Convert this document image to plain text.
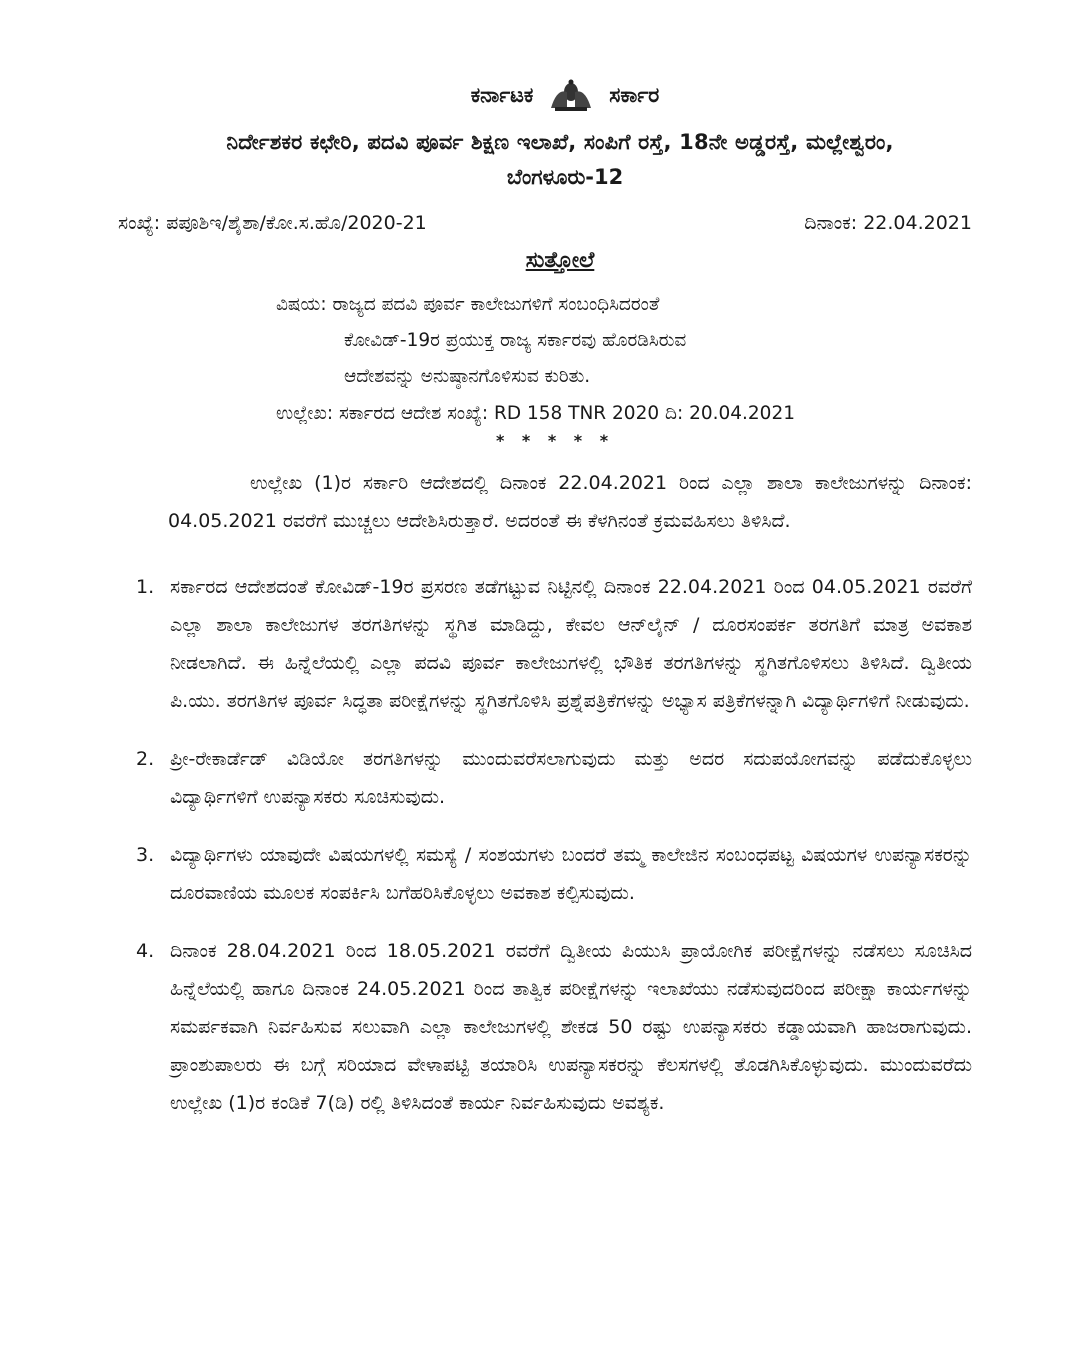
ಕರ್ನಾಟಕ	ಸರ್ಕಾರ
ನಿರ್ದೇಶಕರ ಕಛೇರಿ, ಪದವಿ ಪೂರ್ವ ಶಿಕ್ಷಣ ಇಲಾಖೆ, ಸಂಪಿಗೆ ರಸ್ತೆ, 18ನೇ ಅಡ್ಡರಸ್ತೆ, ಮಲ್ಲೇಶ್ವರಂ,
ಬೆಂಗಳೂರು-12
ಸಂಖ್ಯೆ: ಪಪೂಶಿಇ/ಶೈಶಾ/ಕೋ.ಸ.ಹೊ/2020-21	ದಿನಾಂಕ: 22.04.2021
ಸುತ್ತೋಲೆ
ವಿಷಯ: ರಾಜ್ಯದ ಪದವಿ ಪೂರ್ವ ಕಾಲೇಜುಗಳಿಗೆ ಸಂಬಂಧಿಸಿದರಂತೆ
ಕೋವಿಡ್-19ರ ಪ್ರಯುಕ್ತ ರಾಜ್ಯ ಸರ್ಕಾರವು ಹೊರಡಿಸಿರುವ
ಆದೇಶವನ್ನು ಅನುಷ್ಠಾನಗೊಳಿಸುವ ಕುರಿತು.
ಉಲ್ಲೇಖ: ಸರ್ಕಾರದ ಆದೇಶ ಸಂಖ್ಯೆ: RD 158 TNR 2020 ದಿ: 20.04.2021
* * * * *
ಉಲ್ಲೇಖ (1)ರ ಸರ್ಕಾರಿ ಆದೇಶದಲ್ಲಿ ದಿನಾಂಕ 22.04.2021 ರಿಂದ ಎಲ್ಲಾ ಶಾಲಾ ಕಾಲೇಜುಗಳನ್ನು ದಿನಾಂಕ: 04.05.2021 ರವರೆಗೆ ಮುಚ್ಚಲು ಆದೇಶಿಸಿರುತ್ತಾರೆ. ಅದರಂತೆ ಈ ಕೆಳಗಿನಂತೆ ಕ್ರಮವಹಿಸಲು ತಿಳಿಸಿದೆ.
1. ಸರ್ಕಾರದ ಆದೇಶದಂತೆ ಕೋವಿಡ್-19ರ ಪ್ರಸರಣ ತಡೆಗಟ್ಟುವ ನಿಟ್ಟಿನಲ್ಲಿ ದಿನಾಂಕ 22.04.2021 ರಿಂದ 04.05.2021 ರವರೆಗೆ ಎಲ್ಲಾ ಶಾಲಾ ಕಾಲೇಜುಗಳ ತರಗತಿಗಳನ್ನು ಸ್ಥಗಿತ ಮಾಡಿದ್ದು, ಕೇವಲ ಆನ್‌ಲೈನ್ / ದೂರಸಂಪರ್ಕ ತರಗತಿಗೆ ಮಾತ್ರ ಅವಕಾಶ ನೀಡಲಾಗಿದೆ. ಈ ಹಿನ್ನೆಲೆಯಲ್ಲಿ ಎಲ್ಲಾ ಪದವಿ ಪೂರ್ವ ಕಾಲೇಜುಗಳಲ್ಲಿ ಭೌತಿಕ ತರಗತಿಗಳನ್ನು ಸ್ಥಗಿತಗೊಳಿಸಲು ತಿಳಿಸಿದೆ. ದ್ವಿತೀಯ ಪಿ.ಯು. ತರಗತಿಗಳ ಪೂರ್ವ ಸಿದ್ಧತಾ ಪರೀಕ್ಷೆಗಳನ್ನು ಸ್ಥಗಿತಗೊಳಿಸಿ ಪ್ರಶ್ನೆಪತ್ರಿಕೆಗಳನ್ನು ಅಭ್ಯಾಸ ಪತ್ರಿಕೆಗಳನ್ನಾಗಿ ವಿದ್ಯಾರ್ಥಿಗಳಿಗೆ ನೀಡುವುದು.
2. ಪ್ರೀ-ರೇಕಾರ್ಡೆಡ್ ವಿಡಿಯೋ ತರಗತಿಗಳನ್ನು ಮುಂದುವರೆಸಲಾಗುವುದು ಮತ್ತು ಅದರ ಸದುಪಯೋಗವನ್ನು ಪಡೆದುಕೊಳ್ಳಲು ವಿದ್ಯಾರ್ಥಿಗಳಿಗೆ ಉಪನ್ಯಾಸಕರು ಸೂಚಿಸುವುದು.
3. ವಿದ್ಯಾರ್ಥಿಗಳು ಯಾವುದೇ ವಿಷಯಗಳಲ್ಲಿ ಸಮಸ್ಯೆ / ಸಂಶಯಗಳು ಬಂದರೆ ತಮ್ಮ ಕಾಲೇಜಿನ ಸಂಬಂಧಪಟ್ಟ ವಿಷಯಗಳ ಉಪನ್ಯಾಸಕರನ್ನು ದೂರವಾಣಿಯ ಮೂಲಕ ಸಂಪರ್ಕಿಸಿ ಬಗೆಹರಿಸಿಕೊಳ್ಳಲು ಅವಕಾಶ ಕಲ್ಪಿಸುವುದು.
4. ದಿನಾಂಕ 28.04.2021 ರಿಂದ 18.05.2021 ರವರೆಗೆ ದ್ವಿತೀಯ ಪಿಯುಸಿ ಪ್ರಾಯೋಗಿಕ ಪರೀಕ್ಷೆಗಳನ್ನು ನಡೆಸಲು ಸೂಚಿಸಿದ ಹಿನ್ನೆಲೆಯಲ್ಲಿ ಹಾಗೂ ದಿನಾಂಕ 24.05.2021 ರಿಂದ ತಾತ್ವಿಕ ಪರೀಕ್ಷೆಗಳನ್ನು ಇಲಾಖೆಯು ನಡೆಸುವುದರಿಂದ ಪರೀಕ್ಷಾ ಕಾರ್ಯಗಳನ್ನು ಸಮರ್ಪಕವಾಗಿ ನಿರ್ವಹಿಸುವ ಸಲುವಾಗಿ ಎಲ್ಲಾ ಕಾಲೇಜುಗಳಲ್ಲಿ ಶೇಕಡ 50 ರಷ್ಟು ಉಪನ್ಯಾಸಕರು ಕಡ್ಡಾಯವಾಗಿ ಹಾಜರಾಗುವುದು. ಪ್ರಾಂಶುಪಾಲರು ಈ ಬಗ್ಗೆ ಸರಿಯಾದ ವೇಳಾಪಟ್ಟಿ ತಯಾರಿಸಿ ಉಪನ್ಯಾಸಕರನ್ನು ಕೆಲಸಗಳಲ್ಲಿ ತೊಡಗಿಸಿಕೊಳ್ಳುವುದು. ಮುಂದುವರೆದು ಉಲ್ಲೇಖ (1)ರ ಕಂಡಿಕೆ 7(ಡಿ) ರಲ್ಲಿ ತಿಳಿಸಿದಂತೆ ಕಾರ್ಯ ನಿರ್ವಹಿಸುವುದು ಅವಶ್ಯಕ.
